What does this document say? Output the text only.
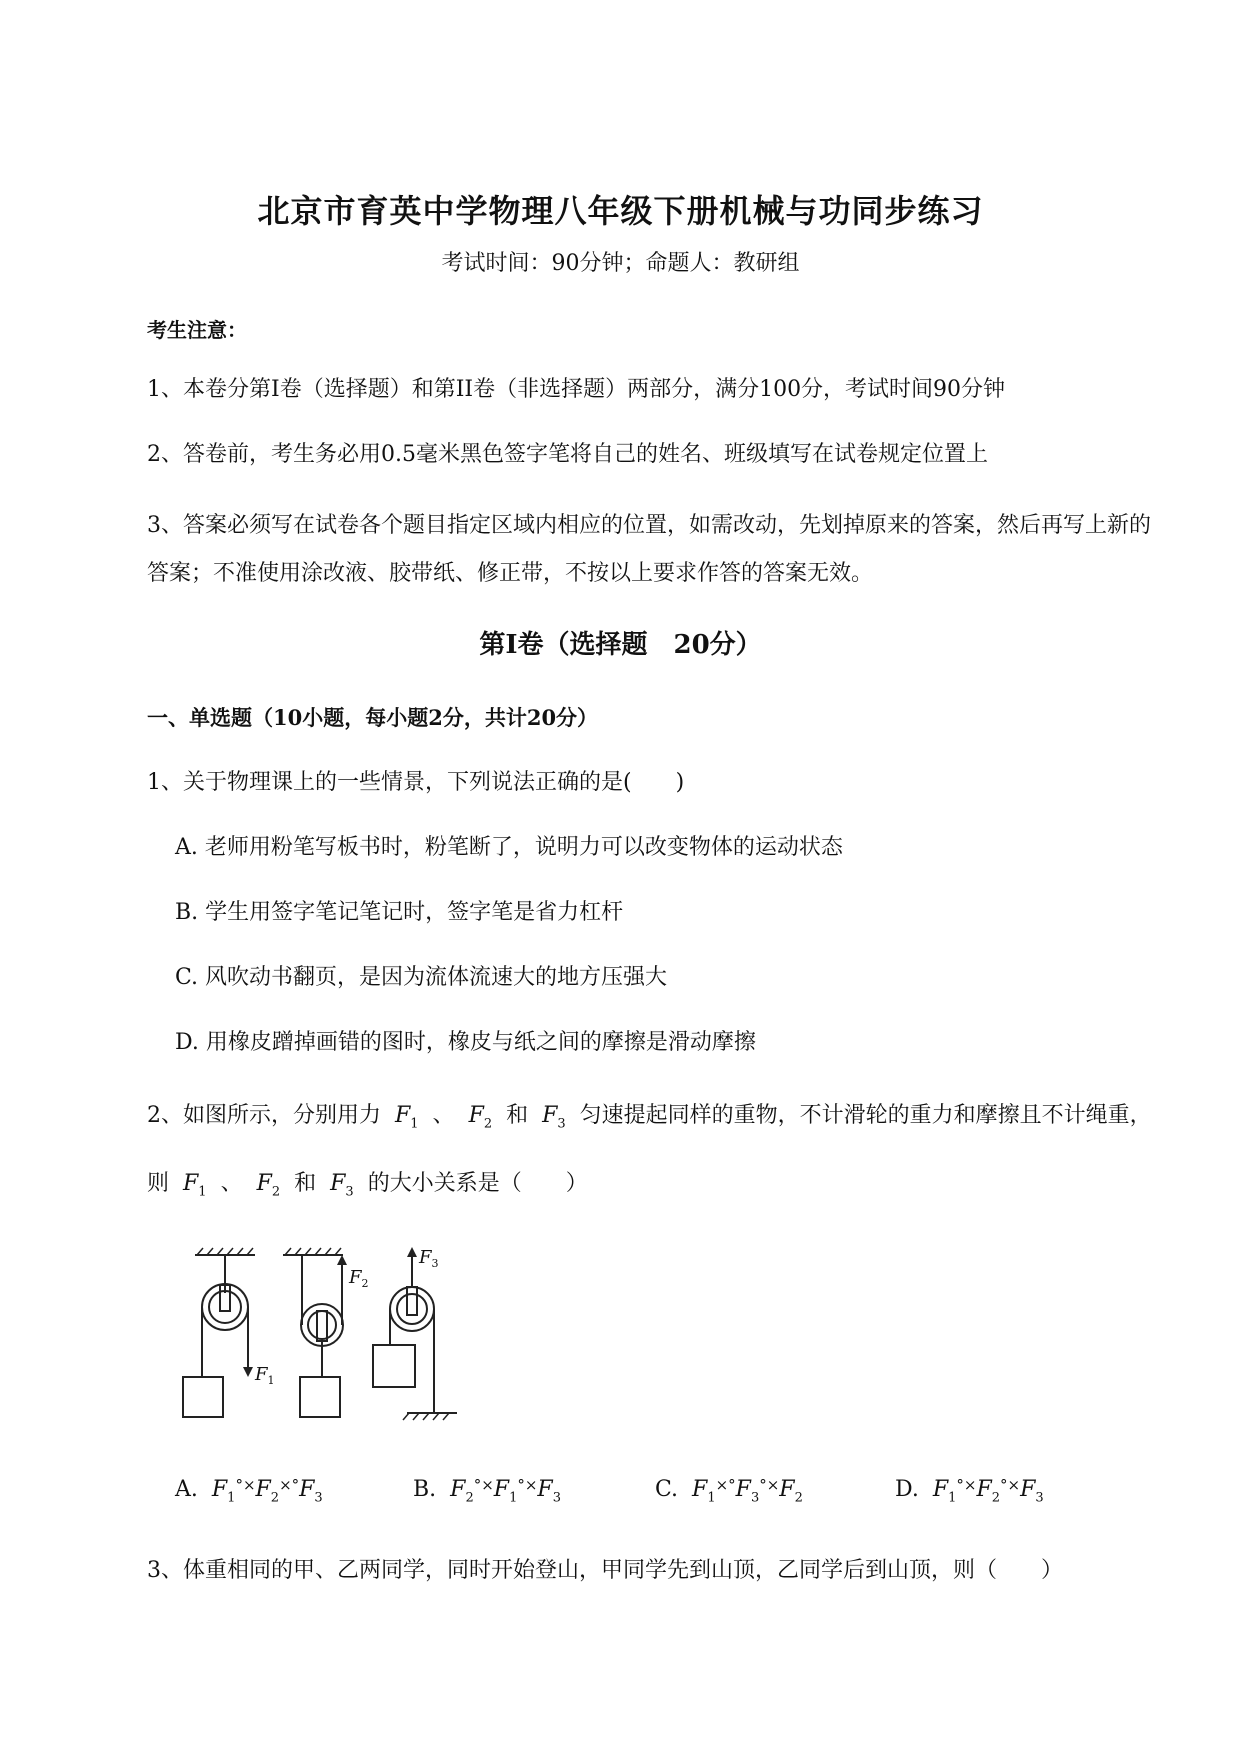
北京市育英中学物理八年级下册机械与功同步练习
考试时间：90分钟；命题人：教研组
考生注意：
1、本卷分第I卷（选择题）和第II卷（非选择题）两部分，满分100分，考试时间90分钟
2、答卷前，考生务必用0.5毫米黑色签字笔将自己的姓名、班级填写在试卷规定位置上
3、答案必须写在试卷各个题目指定区域内相应的位置，如需改动，先划掉原来的答案，然后再写上新的答案；不准使用涂改液、胶带纸、修正带，不按以上要求作答的答案无效。
第I卷（选择题　20分）
一、单选题（10小题，每小题2分，共计20分）
1、关于物理课上的一些情景，下列说法正确的是(　　)
A. 老师用粉笔写板书时，粉笔断了，说明力可以改变物体的运动状态
B. 学生用签字笔记笔记时，签字笔是省力杠杆
C. 风吹动书翻页，是因为流体流速大的地方压强大
D. 用橡皮蹭掉画错的图时，橡皮与纸之间的摩擦是滑动摩擦
2、如图所示，分别用力 $F_1$ 、 $F_2$ 和 $F_3$ 匀速提起同样的重物，不计滑轮的重力和摩擦且不计绳重，
则 $F_1$ 、 $F_2$ 和 $F_3$ 的大小关系是（　　）
$F_1$
$F_2$
$F_3$
A. $F_1^{^\circ\times}F_2^{\times^\circ}F_3$	B. $F_2^{^\circ\times}F_1^{^\circ\times}F_3$	C. $F_1^{\times^\circ}F_3^{^\circ\times}F_2$	D. $F_1^{^\circ\times}F_2^{^\circ\times}F_3$
3、体重相同的甲、乙两同学，同时开始登山，甲同学先到山顶，乙同学后到山顶，则（　　）
